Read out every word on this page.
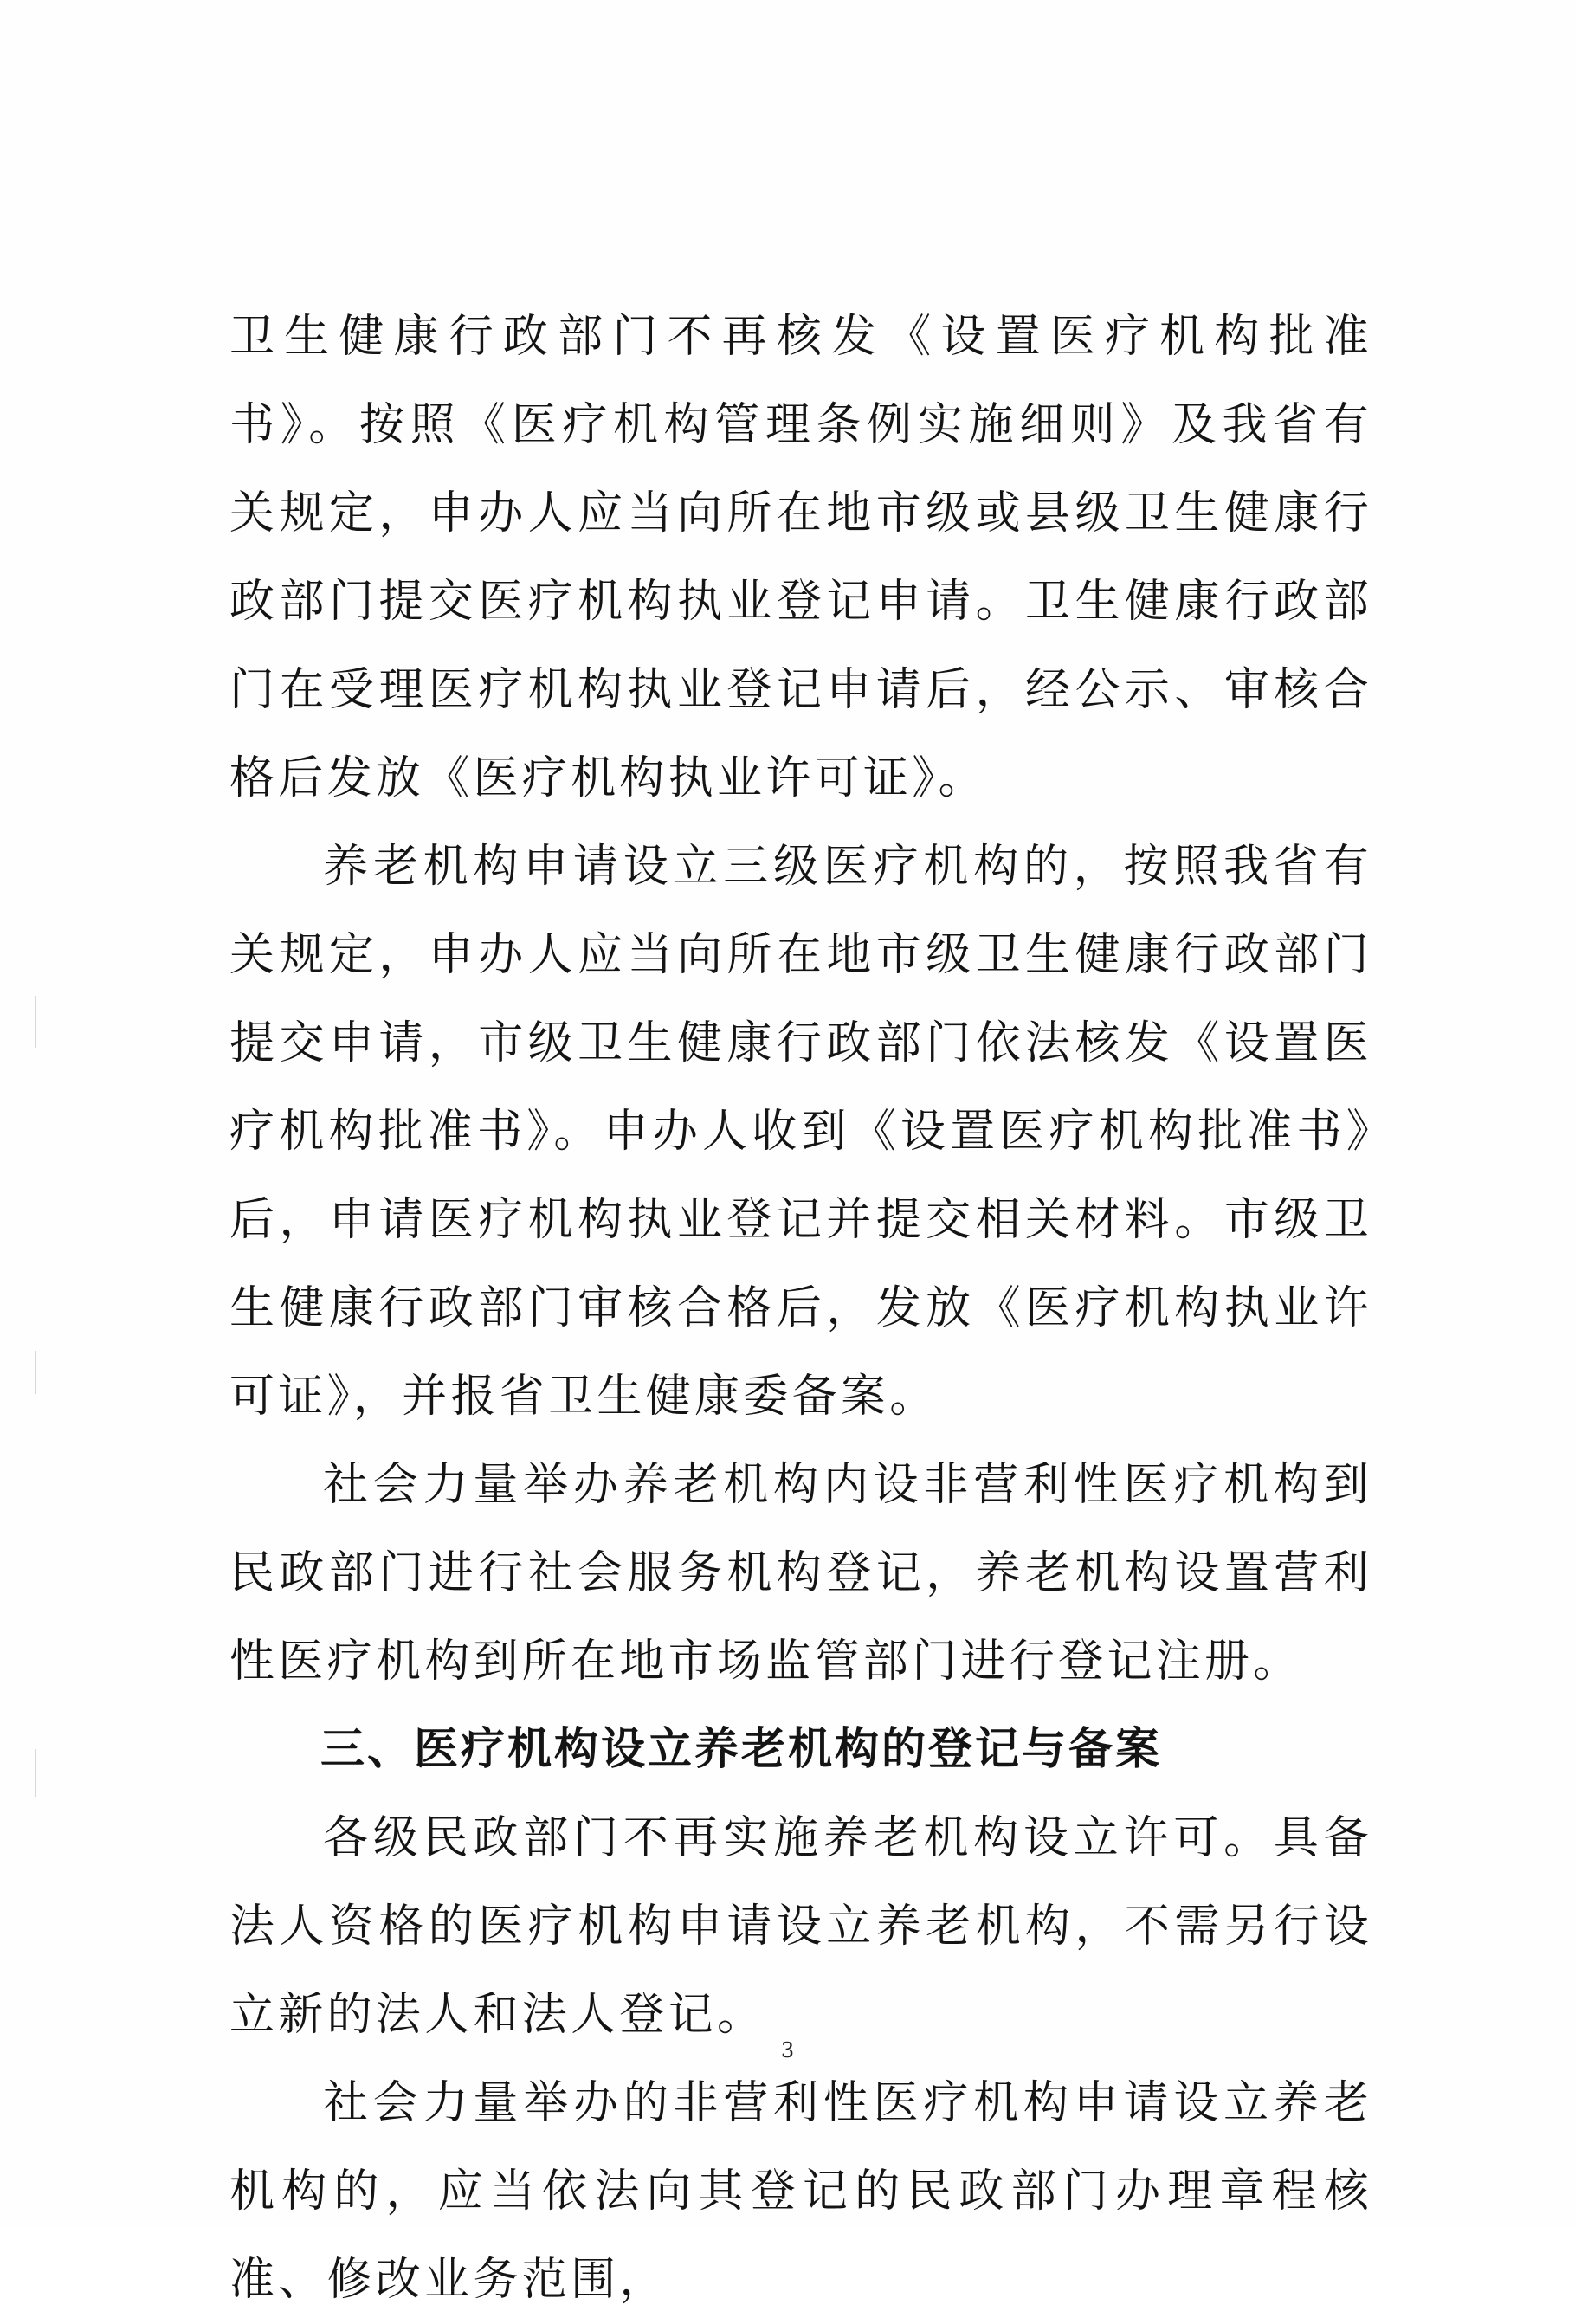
卫生健康行政部门不再核发《设置医疗机构批准书》。按照《医疗机构管理条例实施细则》及我省有关规定，申办人应当向所在地市级或县级卫生健康行政部门提交医疗机构执业登记申请。卫生健康行政部门在受理医疗机构执业登记申请后，经公示、审核合格后发放《医疗机构执业许可证》。

养老机构申请设立三级医疗机构的，按照我省有关规定，申办人应当向所在地市级卫生健康行政部门提交申请，市级卫生健康行政部门依法核发《设置医疗机构批准书》。申办人收到《设置医疗机构批准书》后，申请医疗机构执业登记并提交相关材料。市级卫生健康行政部门审核合格后，发放《医疗机构执业许可证》，并报省卫生健康委备案。

社会力量举办养老机构内设非营利性医疗机构到民政部门进行社会服务机构登记，养老机构设置营利性医疗机构到所在地市场监管部门进行登记注册。

三、医疗机构设立养老机构的登记与备案

各级民政部门不再实施养老机构设立许可。具备法人资格的医疗机构申请设立养老机构，不需另行设立新的法人和法人登记。

社会力量举办的非营利性医疗机构申请设立养老机构的，应当依法向其登记的民政部门办理章程核准、修改业务范围，

3
